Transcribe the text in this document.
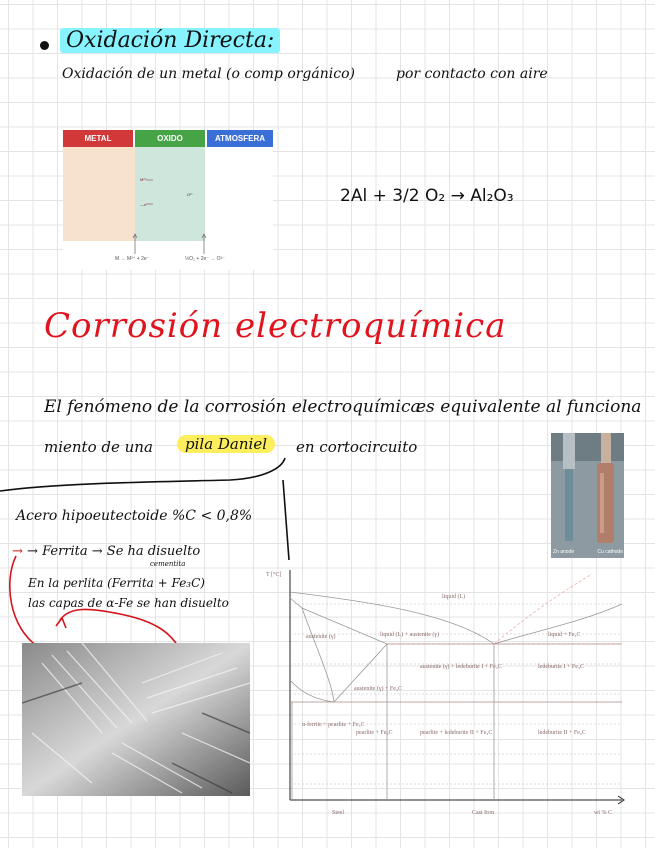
Oxidación Directa:
Oxidación de un metal (o comp orgánico)	por contacto con aire
METAL	OXIDO	ATMOSFERA
M²⁺
—e⁻
O²⁻
M → M²⁺ + 2e⁻	½O₂ + 2e⁻ → O²⁻
2Al + 3/2 O₂ → Al₂O₃
Corrosión electroquímica
El fenómeno de la corrosión electroquímica
es equivalente al funciona
miento de una	pila Daniel	en cortocircuito
Zn anode	Cu cathode
Acero hipoeutectoide %C < 0,8%
→ → Ferrita → Se ha disuelto
cementita
En la perlita (Ferrita + Fe₃C)
las capas de α-Fe se han disuelto	liquid (L)
liquid (L) + austenite (γ)
austenite (γ)	liquid + Fe₃C
austenite (γ) + ledeburite I + Fe₃C	ledeburite I + Fe₃C
austenite (γ) + Fe₃C
α-ferrite + pearlite + Fe₃C
pearlite + Fe₃C	pearlite + ledeburite II + Fe₃C	ledeburite II + Fe₃C
wt % C
T [°C]
Steel	Cast Iron
